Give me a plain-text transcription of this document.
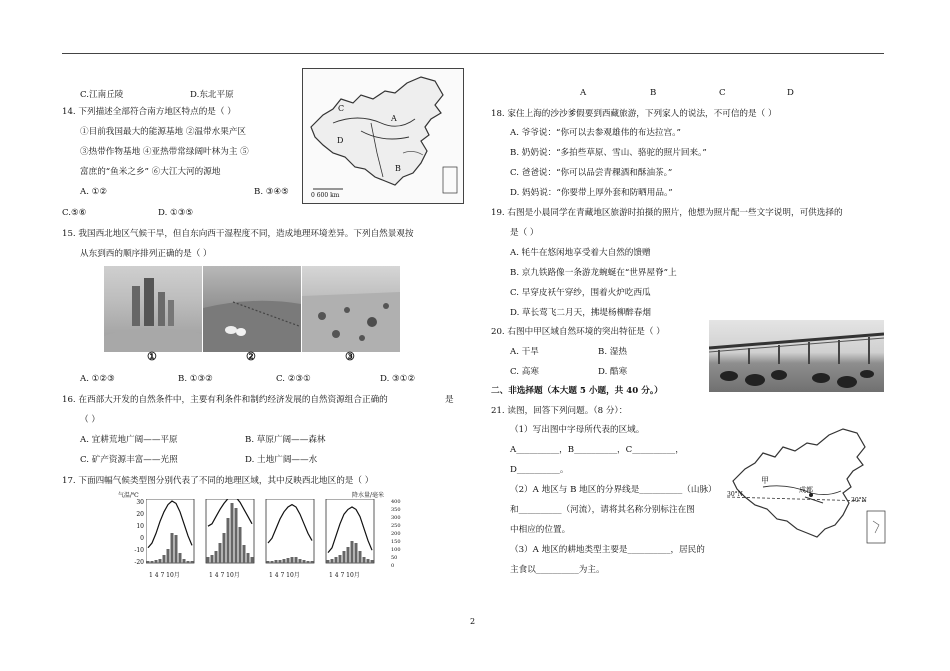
C.江南丘陵	D.东北平原
14. 下列描述全部符合南方地区特点的是（ ）
①目前我国最大的能源基地 ②温带水果产区
③热带作物基地 ④亚热带常绿阔叶林为主 ⑤
富庶的“鱼米之乡” ⑥大江大河的源地
A. ①②	B. ③④⑤
C.⑤⑥	D. ①③⑤
C
A
D
B
0 600 km
15. 我国西北地区气候干旱，但自东向西干湿程度不同，造成地理环境差异。下列自然景观按
从东到西的顺序排列正确的是（ ）
①	②	③
A. ①②③	B. ①③②	C. ②③①	D. ③①②
16. 在西部大开发的自然条件中，主要有利条件和制约经济发展的自然资源组合正确的	是
（ ）
A. 宜耕荒地广阔——平原	B. 草原广阔——森林
C. 矿产资源丰富——光照	D. 土地广阔——水
17. 下面四幅气候类型图分别代表了不同的地理区域，其中反映西北地区的是（ ）
气温/℃	降水量/毫米
30
20
10
0
-10
-20
400
350
300
250
200
150
100
50
0
1 4 7 10月	1 4 7 10月	1 4 7 10月	1 4 7 10月
A	B	C	D
18. 家住上海的沙沙爹假要到西藏旅游，下列家人的说法，不可信的是（ ）
A. 爷爷说：“你可以去参观雄伟的布达拉宫。”
B. 奶奶说：“多拍些草原、雪山、骆驼的照片回来。”
C. 爸爸说：“你可以品尝青稞酒和酥油茶。”
D. 妈妈说：“你要带上厚外套和防晒用品。”
19. 右图是小晨同学在青藏地区旅游时拍摄的照片，他想为照片配一些文字说明，可供选择的
是（ ）
A. 牦牛在悠闲地享受着大自然的馈赠
B. 京九铁路像一条游龙蜿蜒在“世界屋脊”上
C. 早穿皮袄午穿纱，围着火炉吃西瓜
D. 草长莺飞二月天，拂堤杨柳醉春烟
20. 右图中甲区域自然环境的突出特征是（ ）
A. 干旱	B. 湿热
C. 高寒	D. 酷寒
二、非选择题（本大题 5 小题，共 40 分。）
21. 读图，回答下列问题。（8 分）：
（1）写出图中字母所代表的区域。
A__________，B__________，C__________，
D__________。
（2）A 地区与 B 地区的分界线是__________（山脉）
和__________（河流），请将其名称分别标注在图
中相应的位置。
（3）A 地区的耕地类型主要是__________，居民的
主食以__________为主。
甲
成都
30°N
30°N
2
